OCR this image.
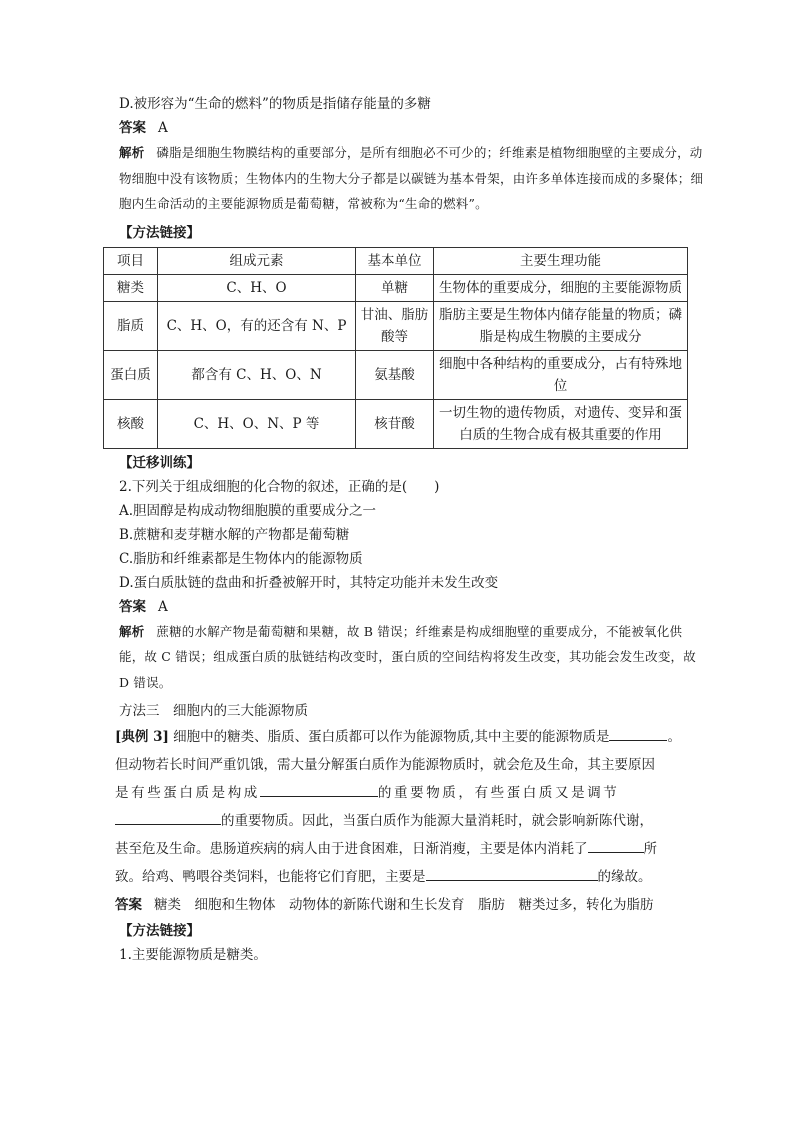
D.被形容为“生命的燃料”的物质是指储存能量的多糖
答案 A
解析 磷脂是细胞生物膜结构的重要部分，是所有细胞必不可少的；纤维素是植物细胞壁的主要成分，动物细胞中没有该物质；生物体内的生物大分子都是以碳链为基本骨架，由许多单体连接而成的多聚体；细胞内生命活动的主要能源物质是葡萄糖，常被称为“生命的燃料”。
【方法链接】
项目	组成元素	基本单位	主要生理功能
糖类	C、H、O	单糖	生物体的重要成分，细胞的主要能源物质
脂质	C、H、O，有的还含有 N、P	甘油、脂肪酸等	脂肪主要是生物体内储存能量的物质；磷脂是构成生物膜的主要成分
蛋白质	都含有 C、H、O、N	氨基酸	细胞中各种结构的重要成分，占有特殊地位
核酸	C、H、O、N、P 等	核苷酸	一切生物的遗传物质，对遗传、变异和蛋白质的生物合成有极其重要的作用
【迁移训练】
2.下列关于组成细胞的化合物的叙述，正确的是(　　)
A.胆固醇是构成动物细胞膜的重要成分之一
B.蔗糖和麦芽糖水解的产物都是葡萄糖
C.脂肪和纤维素都是生物体内的能源物质
D.蛋白质肽链的盘曲和折叠被解开时，其特定功能并未发生改变
答案 A
解析 蔗糖的水解产物是葡萄糖和果糖，故 B 错误；纤维素是构成细胞壁的重要成分，不能被氧化供能，故 C 错误；组成蛋白质的肽链结构改变时，蛋白质的空间结构将发生改变，其功能会发生改变，故 D 错误。
方法三　细胞内的三大能源物质
[典例 3] 细胞中的糖类、脂质、蛋白质都可以作为能源物质,其中主要的能源物质是	。
但动物若长时间严重饥饿，需大量分解蛋白质作为能源物质时，就会危及生命，其主要原因
是有些蛋白质是构成	的重要物质，有些蛋白质又是调节
的重要物质。因此，当蛋白质作为能源大量消耗时，就会影响新陈代谢，
甚至危及生命。患肠道疾病的病人由于进食困难，日渐消瘦，主要是体内消耗了	所
致。给鸡、鸭喂谷类饲料，也能将它们育肥，主要是	的缘故。
答案 糖类　 细胞和生物体　 动物体的新陈代谢和生长发育　 脂肪　 糖类过多，转化为脂肪
【方法链接】
1.主要能源物质是糖类。
